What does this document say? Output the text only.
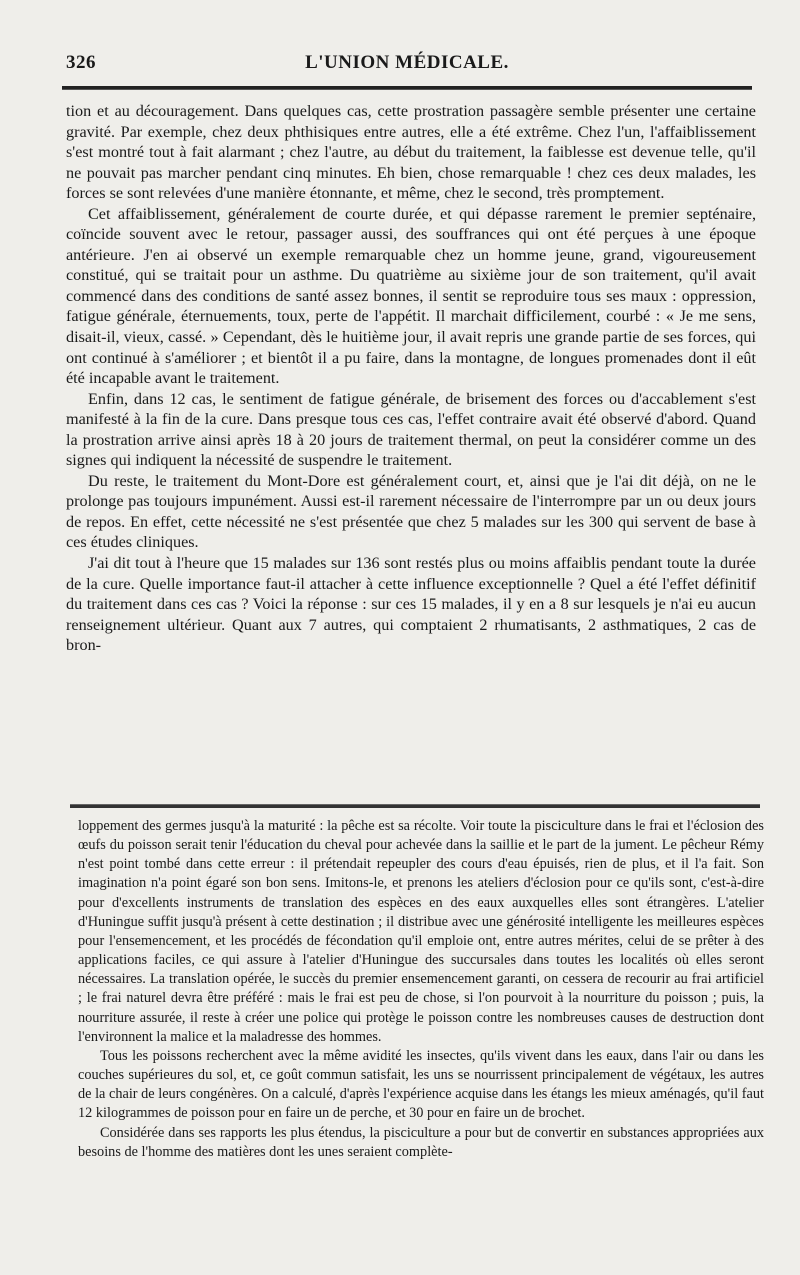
326	L'UNION MÉDICALE.

tion et au découragement. Dans quelques cas, cette prostration passagère semble présenter une certaine gravité. Par exemple, chez deux phthisiques entre autres, elle a été extrême. Chez l'un, l'affaiblissement s'est montré tout à fait alarmant ; chez l'autre, au début du traitement, la faiblesse est devenue telle, qu'il ne pouvait pas marcher pendant cinq minutes. Eh bien, chose remarquable ! chez ces deux malades, les forces se sont relevées d'une manière étonnante, et même, chez le second, très promptement.

Cet affaiblissement, généralement de courte durée, et qui dépasse rarement le premier septénaire, coïncide souvent avec le retour, passager aussi, des souffrances qui ont été perçues à une époque antérieure. J'en ai observé un exemple remarquable chez un homme jeune, grand, vigoureusement constitué, qui se traitait pour un asthme. Du quatrième au sixième jour de son traitement, qu'il avait commencé dans des conditions de santé assez bonnes, il sentit se reproduire tous ses maux : oppression, fatigue générale, éternuements, toux, perte de l'appétit. Il marchait difficilement, courbé : « Je me sens, disait-il, vieux, cassé. » Cependant, dès le huitième jour, il avait repris une grande partie de ses forces, qui ont continué à s'améliorer ; et bientôt il a pu faire, dans la montagne, de longues promenades dont il eût été incapable avant le traitement.

Enfin, dans 12 cas, le sentiment de fatigue générale, de brisement des forces ou d'accablement s'est manifesté à la fin de la cure. Dans presque tous ces cas, l'effet contraire avait été observé d'abord. Quand la prostration arrive ainsi après 18 à 20 jours de traitement thermal, on peut la considérer comme un des signes qui indiquent la nécessité de suspendre le traitement.

Du reste, le traitement du Mont-Dore est généralement court, et, ainsi que je l'ai dit déjà, on ne le prolonge pas toujours impunément. Aussi est-il rarement nécessaire de l'interrompre par un ou deux jours de repos. En effet, cette nécessité ne s'est présentée que chez 5 malades sur les 300 qui servent de base à ces études cliniques.

J'ai dit tout à l'heure que 15 malades sur 136 sont restés plus ou moins affaiblis pendant toute la durée de la cure. Quelle importance faut-il attacher à cette influence exceptionnelle ? Quel a été l'effet définitif du traitement dans ces cas ? Voici la réponse : sur ces 15 malades, il y en a 8 sur lesquels je n'ai eu aucun renseignement ultérieur. Quant aux 7 autres, qui comptaient 2 rhumatisants, 2 asthmatiques, 2 cas de bron-

loppement des germes jusqu'à la maturité : la pêche est sa récolte. Voir toute la pisciculture dans le frai et l'éclosion des œufs du poisson serait tenir l'éducation du cheval pour achevée dans la saillie et le part de la jument. Le pêcheur Rémy n'est point tombé dans cette erreur : il prétendait repeupler des cours d'eau épuisés, rien de plus, et il l'a fait. Son imagination n'a point égaré son bon sens. Imitons-le, et prenons les ateliers d'éclosion pour ce qu'ils sont, c'est-à-dire pour d'excellents instruments de translation des espèces en des eaux auxquelles elles sont étrangères. L'atelier d'Huningue suffit jusqu'à présent à cette destination ; il distribue avec une générosité intelligente les meilleures espèces pour l'ensemencement, et les procédés de fécondation qu'il emploie ont, entre autres mérites, celui de se prêter à des applications faciles, ce qui assure à l'atelier d'Huningue des succursales dans toutes les localités où elles seront nécessaires. La translation opérée, le succès du premier ensemencement garanti, on cessera de recourir au frai artificiel ; le frai naturel devra être préféré : mais le frai est peu de chose, si l'on pourvoit à la nourriture du poisson ; puis, la nourriture assurée, il reste à créer une police qui protège le poisson contre les nombreuses causes de destruction dont l'environnent la malice et la maladresse des hommes.

Tous les poissons recherchent avec la même avidité les insectes, qu'ils vivent dans les eaux, dans l'air ou dans les couches supérieures du sol, et, ce goût commun satisfait, les uns se nourrissent principalement de végétaux, les autres de la chair de leurs congénères. On a calculé, d'après l'expérience acquise dans les étangs les mieux aménagés, qu'il faut 12 kilogrammes de poisson pour en faire un de perche, et 30 pour en faire un de brochet.

Considérée dans ses rapports les plus étendus, la pisciculture a pour but de convertir en substances appropriées aux besoins de l'homme des matières dont les unes seraient complète-
